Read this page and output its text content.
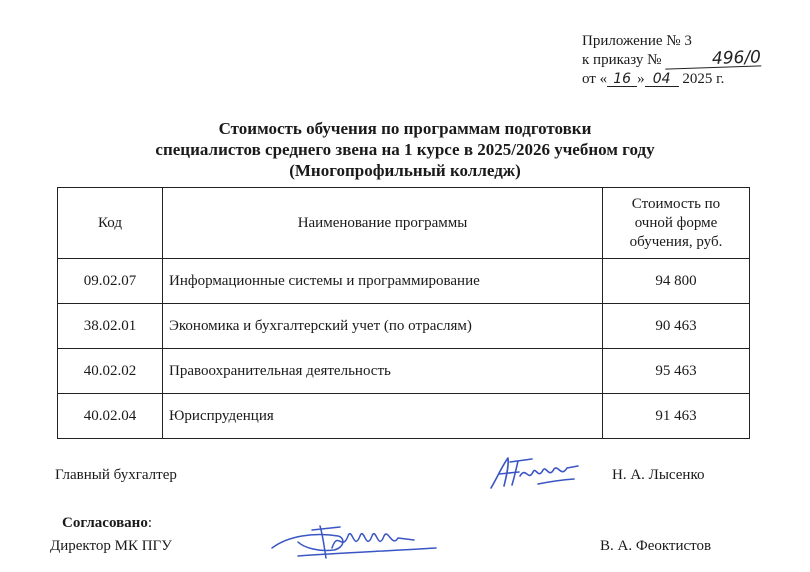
Приложение № 3
к приказу №	496/0
от « 16 » 04 2025 г.
Стоимость обучения по программам подготовки
специалистов среднего звена на 1 курсе в 2025/2026 учебном году
(Многопрофильный колледж)
Код	Наименование программы	Стоимость по
очной форме
обучения, руб.

09.02.07	Информационные системы и программирование	94 800
38.02.01	Экономика и бухгалтерский учет (по отраслям)	90 463
40.02.02	Правоохранительная деятельность	95 463
40.02.04	Юриспруденция	91 463
Главный бухгалтер	Н. А. Лысенко
Согласовано:
Директор МК ПГУ	В. А. Феоктистов
